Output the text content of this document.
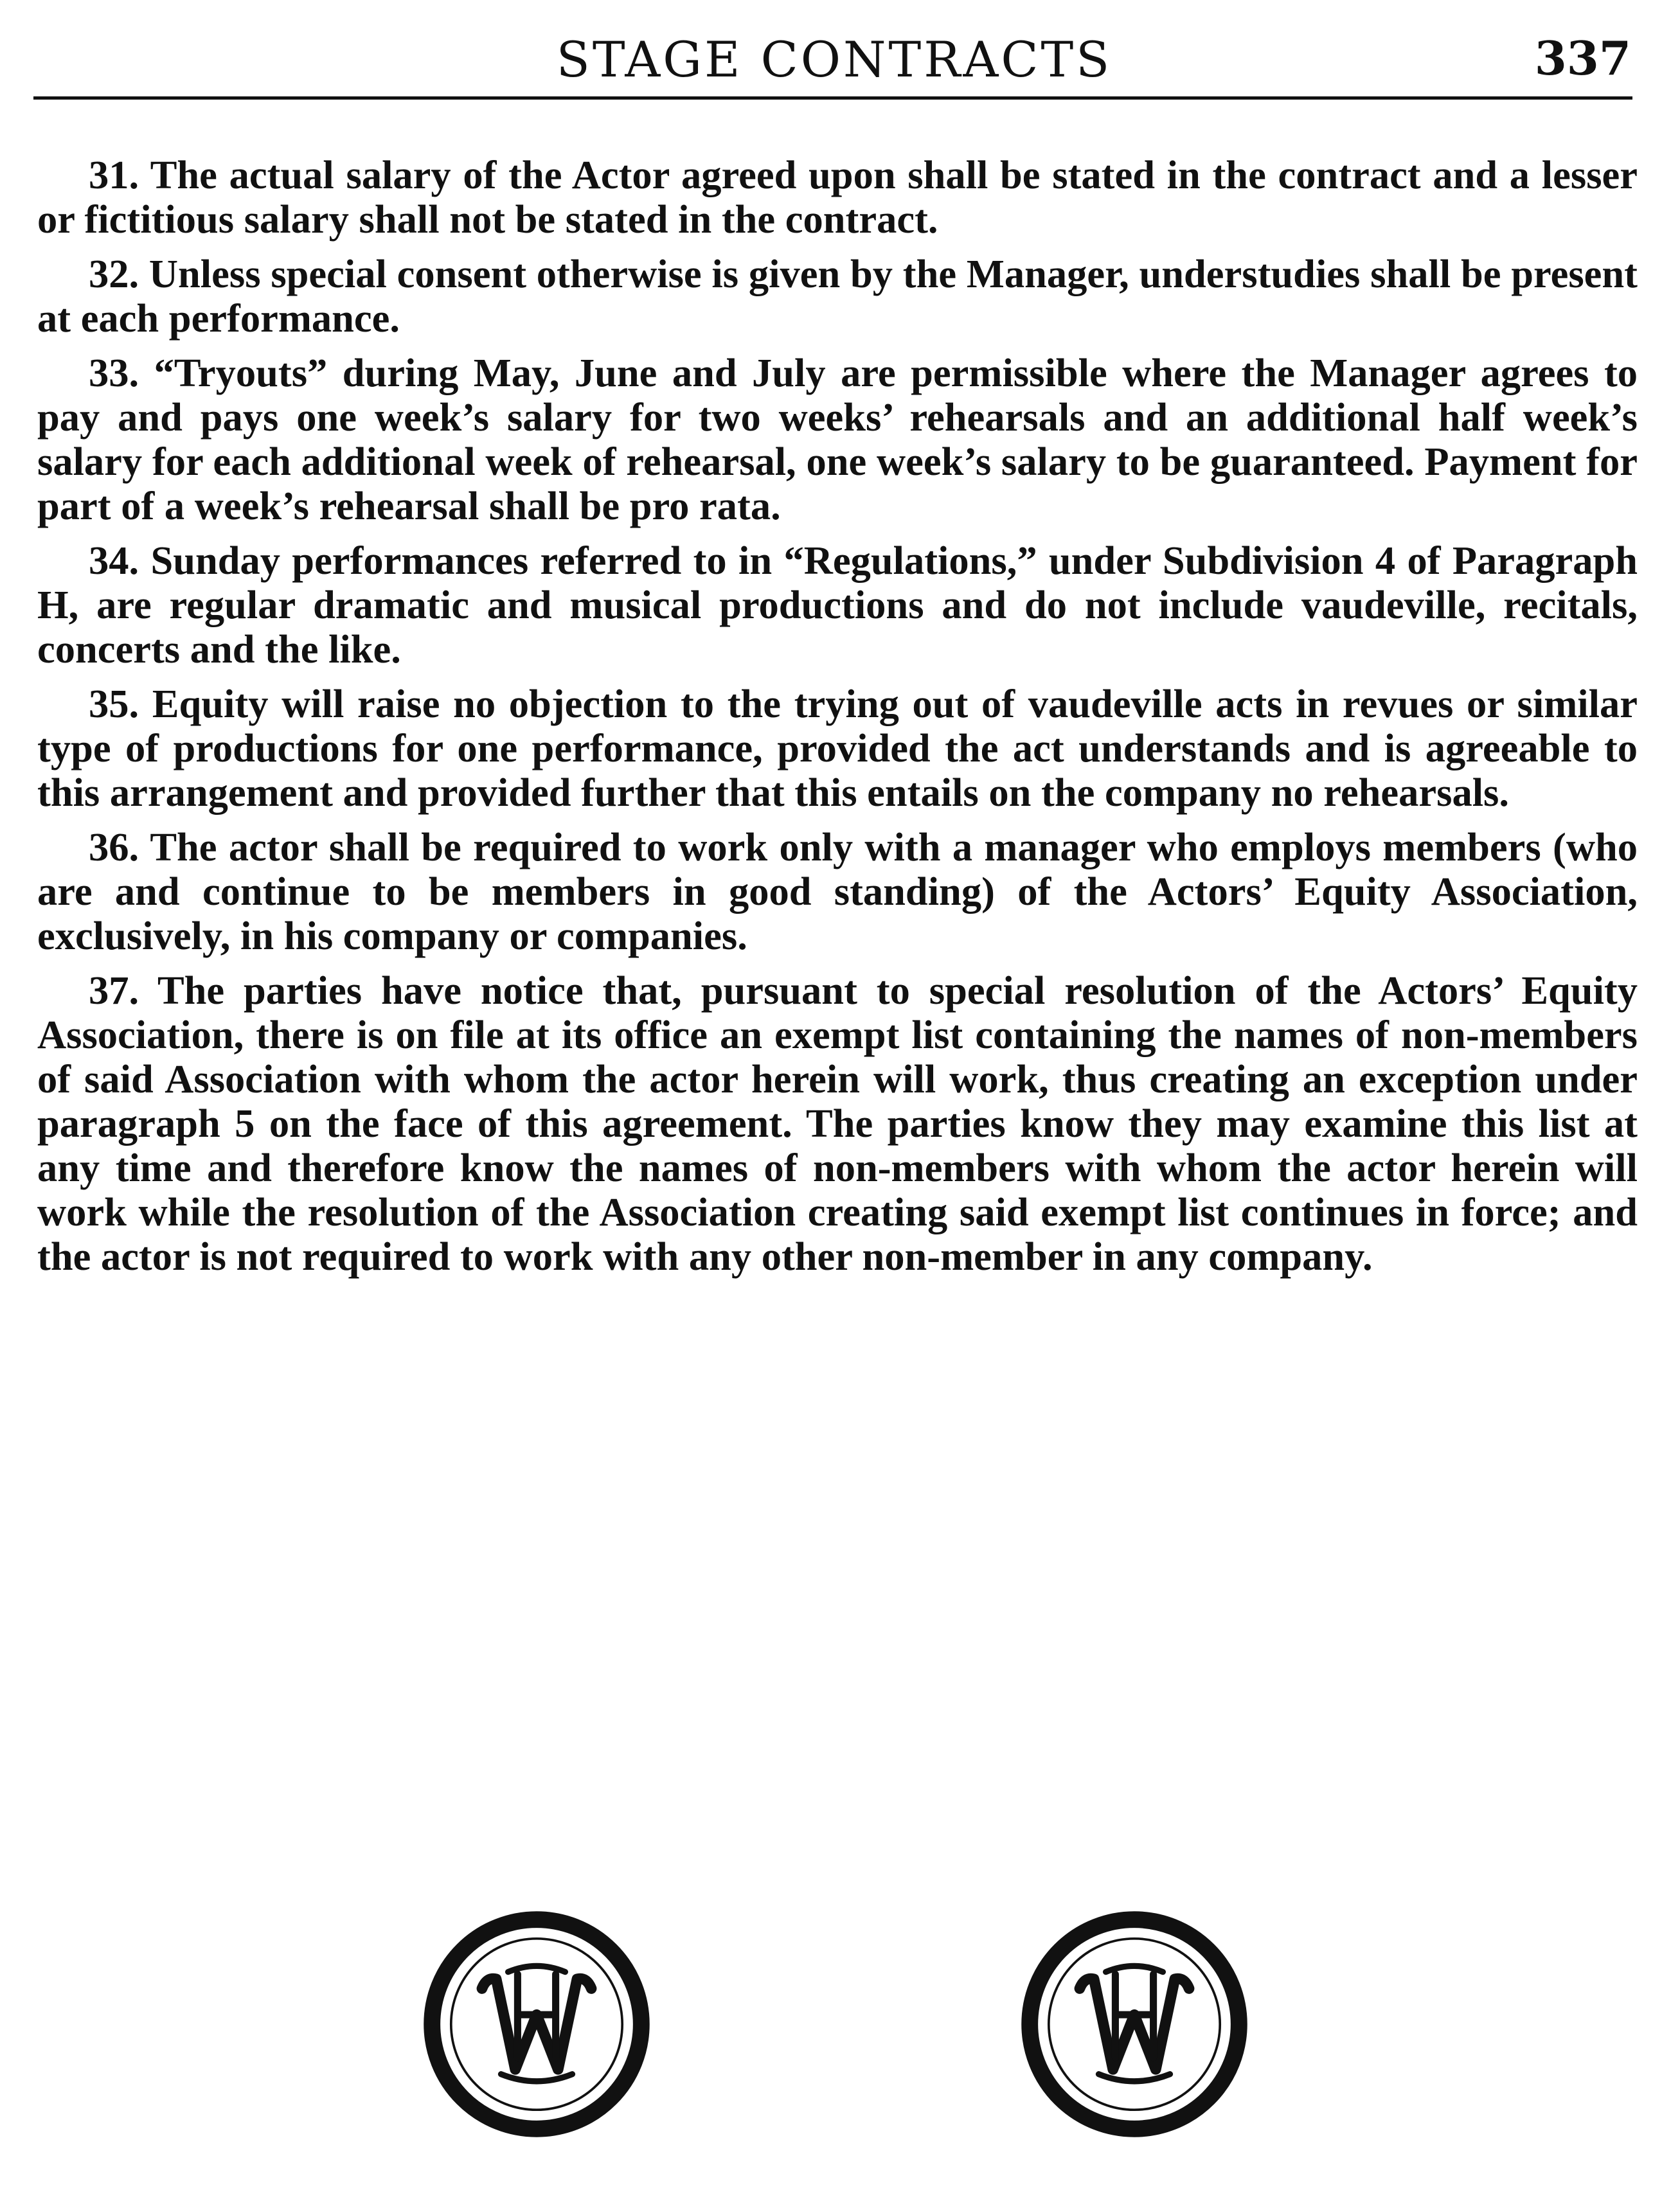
STAGE CONTRACTS	337

31. The actual salary of the Actor agreed upon shall be stated in the contract and a lesser or fictitious salary shall not be stated in the contract.

32. Unless special consent otherwise is given by the Manager, understudies shall be present at each performance.

33. “Tryouts” during May, June and July are permissible where the Manager agrees to pay and pays one week’s salary for two weeks’ rehearsals and an additional half week’s salary for each additional week of rehearsal, one week’s salary to be guaranteed. Payment for part of a week’s rehearsal shall be pro rata.

34. Sunday performances referred to in “Regulations,” under Subdivision 4 of Paragraph H, are regular dramatic and musical productions and do not include vaudeville, recitals, concerts and the like.

35. Equity will raise no objection to the trying out of vaudeville acts in revues or similar type of productions for one performance, provided the act understands and is agreeable to this arrangement and provided further that this entails on the company no rehearsals.

36. The actor shall be required to work only with a manager who employs members (who are and continue to be members in good standing) of the Actors’ Equity Association, exclusively, in his company or companies.

37. The parties have notice that, pursuant to special resolution of the Actors’ Equity Association, there is on file at its office an exempt list containing the names of non-members of said Association with whom the actor herein will work, thus creating an exception under paragraph 5 on the face of this agreement. The parties know they may examine this list at any time and therefore know the names of non-members with whom the actor herein will work while the resolution of the Association creating said exempt list continues in force; and the actor is not required to work with any other non-member in any company.
